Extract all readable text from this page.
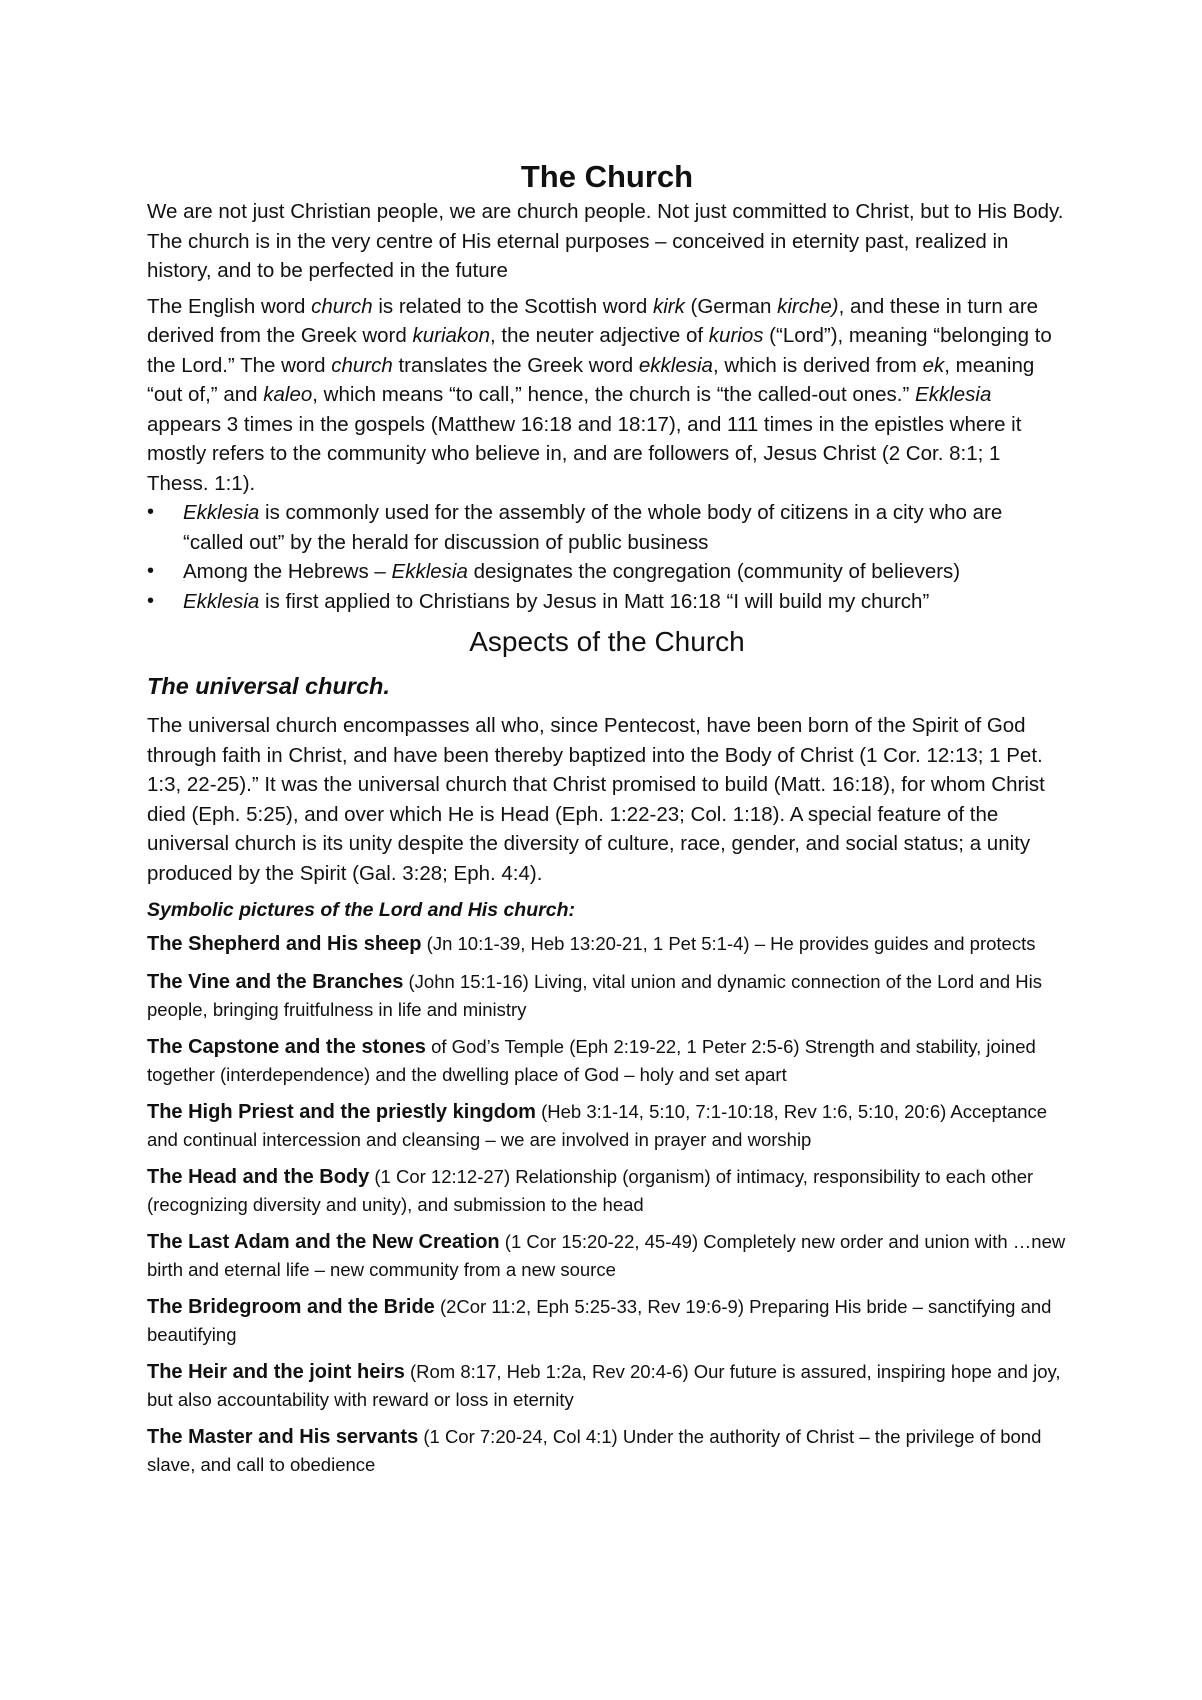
The Church

We are not just Christian people, we are church people. Not just committed to Christ, but to His Body. The church is in the very centre of His eternal purposes – conceived in eternity past, realized in history, and to be perfected in the future

The English word church is related to the Scottish word kirk (German kirche), and these in turn are derived from the Greek word kuriakon, the neuter adjective of kurios (“Lord”), meaning “belonging to the Lord.” The word church translates the Greek word ekklesia, which is derived from ek, meaning “out of,” and kaleo, which means “to call,” hence, the church is “the called-out ones.” Ekklesia appears 3 times in the gospels (Matthew 16:18 and 18:17), and 111 times in the epistles where it mostly refers to the community who believe in, and are followers of, Jesus Christ (2 Cor. 8:1; 1 Thess. 1:1).

• Ekklesia is commonly used for the assembly of the whole body of citizens in a city who are “called out” by the herald for discussion of public business
• Among the Hebrews – Ekklesia designates the congregation (community of believers)
• Ekklesia is first applied to Christians by Jesus in Matt 16:18 “I will build my church”
Aspects of the Church
The universal church.

The universal church encompasses all who, since Pentecost, have been born of the Spirit of God through faith in Christ, and have been thereby baptized into the Body of Christ (1 Cor. 12:13; 1 Pet. 1:3, 22-25).” It was the universal church that Christ promised to build (Matt. 16:18), for whom Christ died (Eph. 5:25), and over which He is Head (Eph. 1:22-23; Col. 1:18). A special feature of the universal church is its unity despite the diversity of culture, race, gender, and social status; a unity produced by the Spirit (Gal. 3:28; Eph. 4:4).

Symbolic pictures of the Lord and His church:

The Shepherd and His sheep (Jn 10:1-39, Heb 13:20-21, 1 Pet 5:1-4) – He provides guides and protects

The Vine and the Branches (John 15:1-16) Living, vital union and dynamic connection of the Lord and His people, bringing fruitfulness in life and ministry

The Capstone and the stones of God’s Temple (Eph 2:19-22, 1 Peter 2:5-6) Strength and stability, joined together (interdependence) and the dwelling place of God – holy and set apart

The High Priest and the priestly kingdom (Heb 3:1-14, 5:10, 7:1-10:18, Rev 1:6, 5:10, 20:6) Acceptance and continual intercession and cleansing – we are involved in prayer and worship

The Head and the Body (1 Cor 12:12-27) Relationship (organism) of intimacy, responsibility to each other (recognizing diversity and unity), and submission to the head

The Last Adam and the New Creation (1 Cor 15:20-22, 45-49) Completely new order and union with …new birth and eternal life – new community from a new source

The Bridegroom and the Bride (2Cor 11:2, Eph 5:25-33, Rev 19:6-9) Preparing His bride – sanctifying and beautifying

The Heir and the joint heirs (Rom 8:17, Heb 1:2a, Rev 20:4-6) Our future is assured, inspiring hope and joy, but also accountability with reward or loss in eternity

The Master and His servants (1 Cor 7:20-24, Col 4:1) Under the authority of Christ – the privilege of bond slave, and call to obedience
